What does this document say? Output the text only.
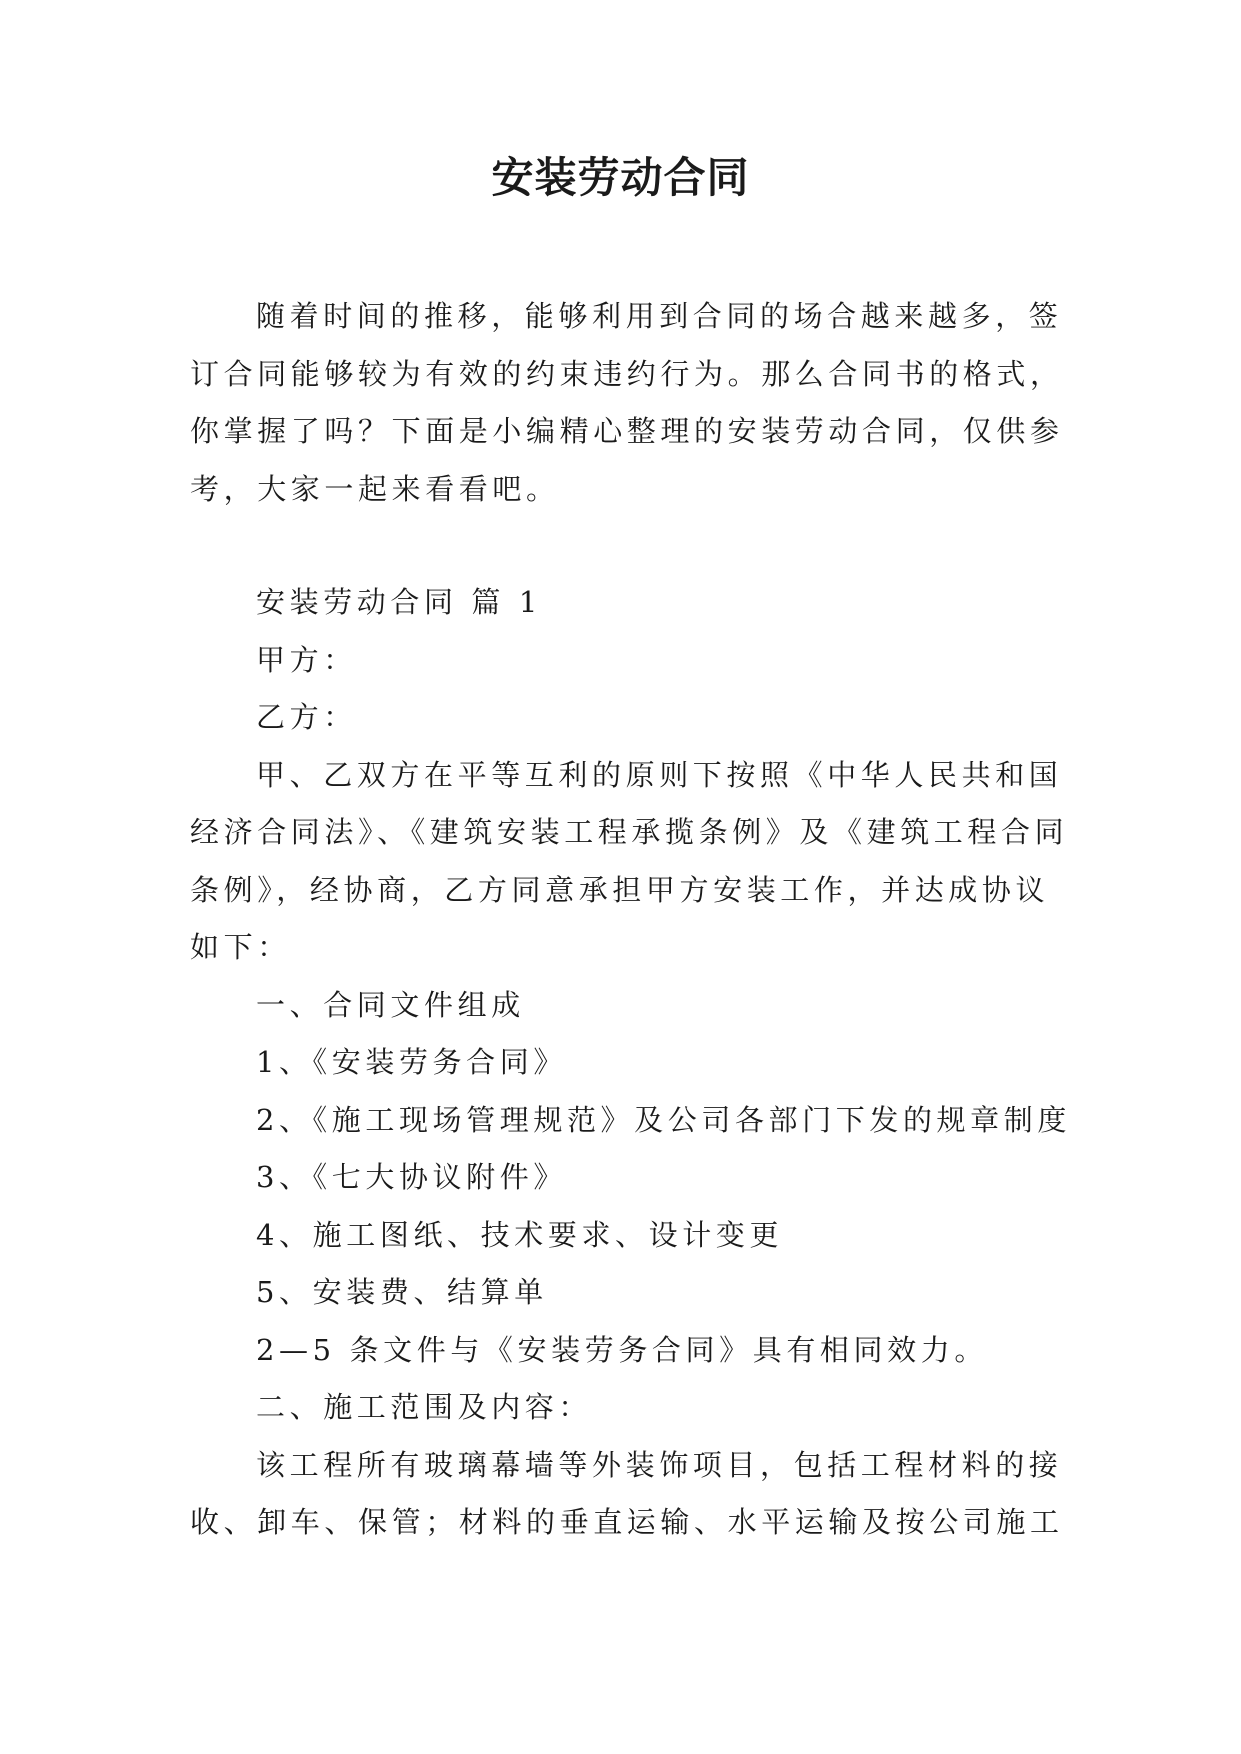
安装劳动合同
随着时间的推移，能够利用到合同的场合越来越多，签
订合同能够较为有效的约束违约行为。那么合同书的格式，
你掌握了吗？下面是小编精心整理的安装劳动合同，仅供参
考，大家一起来看看吧。
安装劳动合同 篇 1
甲方：
乙方：
甲、乙双方在平等互利的原则下按照《中华人民共和国
经济合同法》、《建筑安装工程承揽条例》及《建筑工程合同
条例》，经协商，乙方同意承担甲方安装工作，并达成协议
如下：
一、合同文件组成
1、《安装劳务合同》
2、《施工现场管理规范》及公司各部门下发的规章制度
3、《七大协议附件》
4、施工图纸、技术要求、设计变更
5、安装费、结算单
2—5 条文件与《安装劳务合同》具有相同效力。
二、施工范围及内容：
该工程所有玻璃幕墙等外装饰项目，包括工程材料的接
收、卸车、保管；材料的垂直运输、水平运输及按公司施工
